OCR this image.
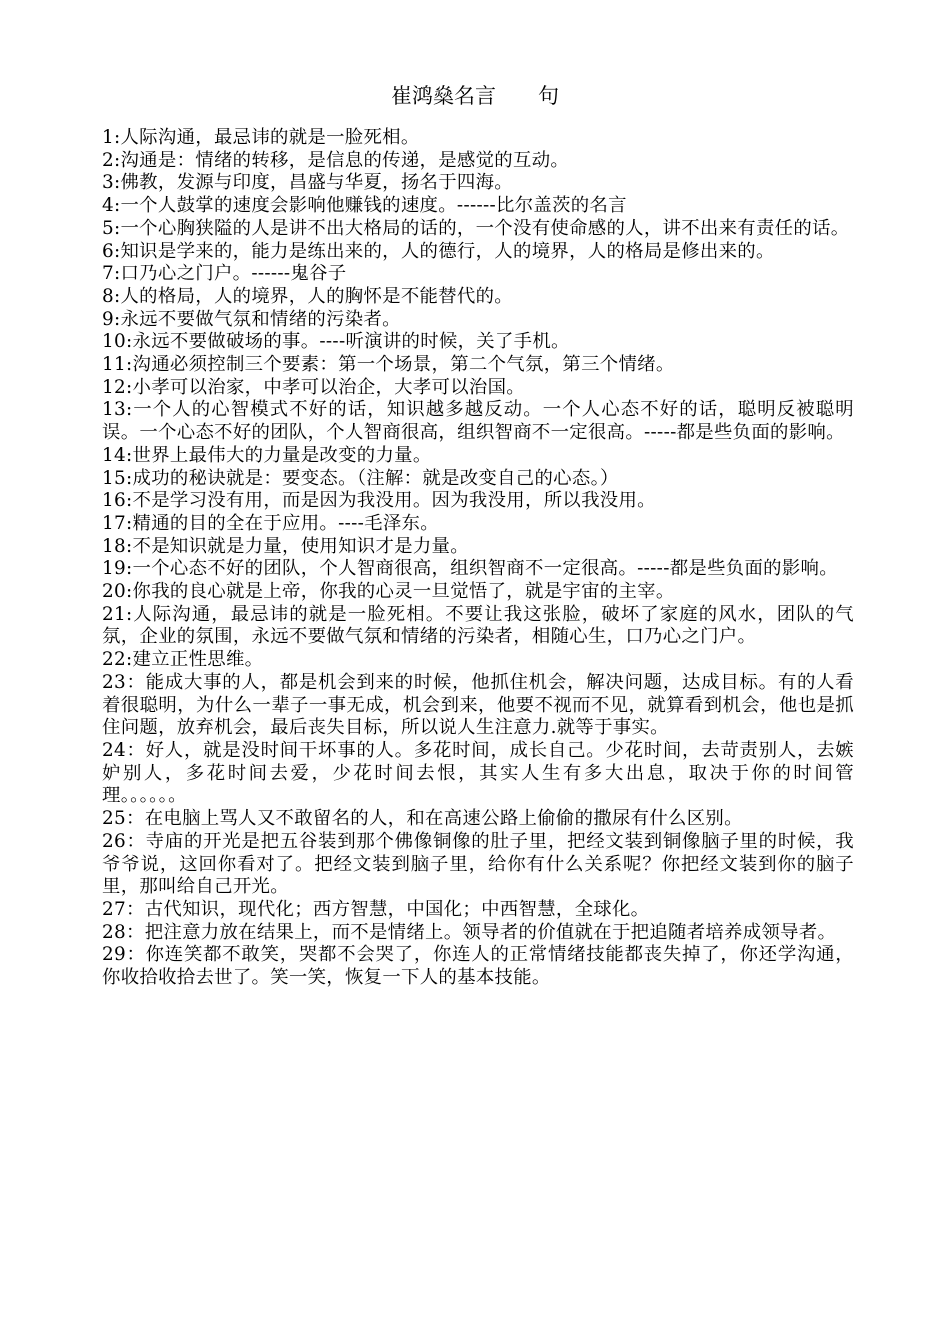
崔鸿燊名言　　句

1:人际沟通，最忌讳的就是一脸死相。

2:沟通是：情绪的转移，是信息的传递，是感觉的互动。

3:佛教，发源与印度，昌盛与华夏，扬名于四海。

4:一个人鼓掌的速度会影响他赚钱的速度。------比尔盖茨的名言

5:一个心胸狭隘的人是讲不出大格局的话的，一个没有使命感的人，讲不出来有责任的话。

6:知识是学来的，能力是练出来的，人的德行，人的境界，人的格局是修出来的。

7:口乃心之门户。------鬼谷子

8:人的格局，人的境界，人的胸怀是不能替代的。

9:永远不要做气氛和情绪的污染者。

10:永远不要做破场的事。----听演讲的时候，关了手机。

11:沟通必须控制三个要素：第一个场景，第二个气氛，第三个情绪。

12:小孝可以治家，中孝可以治企，大孝可以治国。

13:一个人的心智模式不好的话，知识越多越反动。一个人心态不好的话，聪明反被聪明误。一个心态不好的团队，个人智商很高，组织智商不一定很高。-----都是些负面的影响。

14:世界上最伟大的力量是改变的力量。

15:成功的秘诀就是：要变态。（注解：就是改变自己的心态。）

16:不是学习没有用，而是因为我没用。因为我没用，所以我没用。

17:精通的目的全在于应用。----毛泽东。

18:不是知识就是力量，使用知识才是力量。

19:一个心态不好的团队，个人智商很高，组织智商不一定很高。-----都是些负面的影响。

20:你我的良心就是上帝，你我的心灵一旦觉悟了，就是宇宙的主宰。

21:人际沟通，最忌讳的就是一脸死相。不要让我这张脸，破坏了家庭的风水，团队的气氛，企业的氛围，永远不要做气氛和情绪的污染者，相随心生，口乃心之门户。

22:建立正性思维。

23：能成大事的人，都是机会到来的时候，他抓住机会，解决问题，达成目标。有的人看着很聪明，为什么一辈子一事无成，机会到来，他要不视而不见，就算看到机会，他也是抓住问题，放弃机会，最后丧失目标，所以说人生注意力.就等于事实。

24：好人，就是没时间干坏事的人。多花时间，成长自己。少花时间，去苛责别人，去嫉妒别人，多花时间去爱，少花时间去恨，其实人生有多大出息，取决于你的时间管理。。。。。。

25：在电脑上骂人又不敢留名的人，和在高速公路上偷偷的撒尿有什么区别。

26：寺庙的开光是把五谷装到那个佛像铜像的肚子里，把经文装到铜像脑子里的时候，我爷爷说，这回你看对了。把经文装到脑子里，给你有什么关系呢？你把经文装到你的脑子里，那叫给自己开光。

27：古代知识，现代化；西方智慧，中国化；中西智慧，全球化。

28：把注意力放在结果上，而不是情绪上。领导者的价值就在于把追随者培养成领导者。

29：你连笑都不敢笑，哭都不会哭了，你连人的正常情绪技能都丧失掉了，你还学沟通，你收拾收拾去世了。笑一笑，恢复一下人的基本技能。
